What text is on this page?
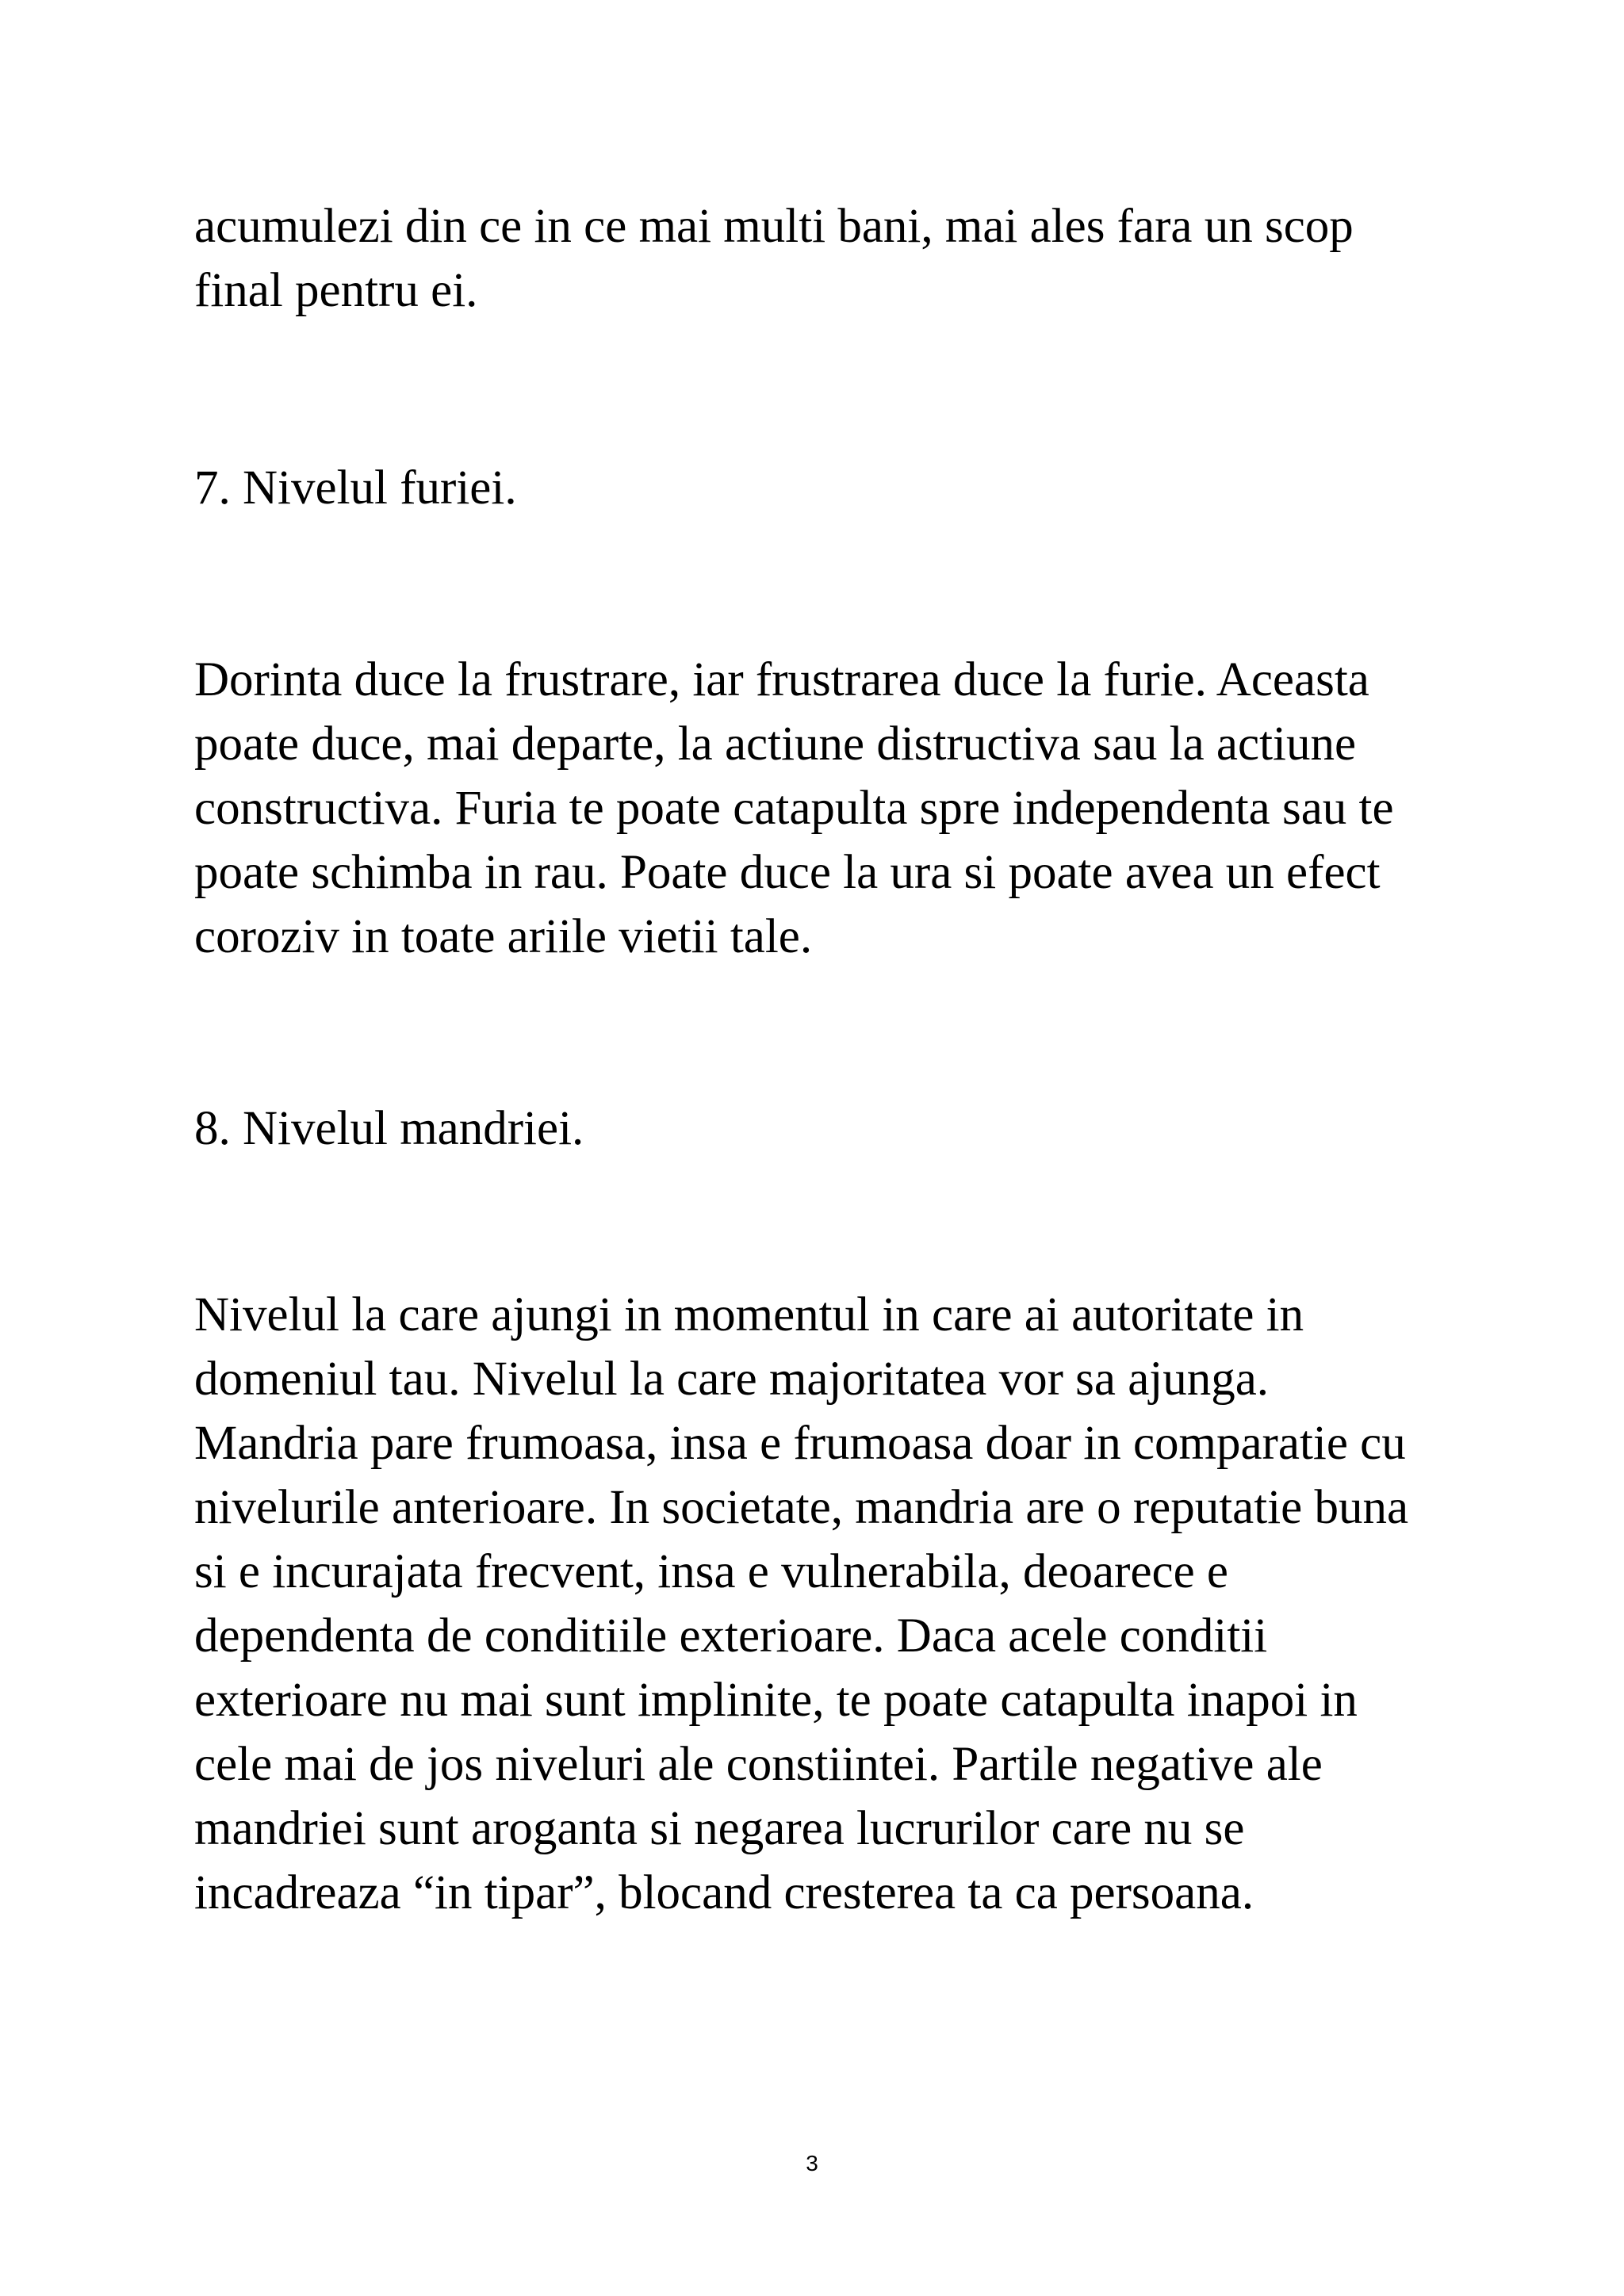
acumulezi din ce in ce mai multi bani, mai ales fara un scop
final pentru ei.
7. Nivelul furiei.
Dorinta duce la frustrare, iar frustrarea duce la furie. Aceasta
poate duce, mai departe, la actiune distructiva sau la actiune
constructiva. Furia te poate catapulta spre independenta sau te
poate schimba in rau. Poate duce la ura si poate avea un efect
coroziv in toate ariile vietii tale.
8. Nivelul mandriei.
Nivelul la care ajungi in momentul in care ai autoritate in
domeniul tau. Nivelul la care majoritatea vor sa ajunga.
Mandria pare frumoasa, insa e frumoasa doar in comparatie cu
nivelurile anterioare. In societate, mandria are o reputatie buna
si e incurajata frecvent, insa e vulnerabila, deoarece e
dependenta de conditiile exterioare. Daca acele conditii
exterioare nu mai sunt implinite, te poate catapulta inapoi in
cele mai de jos niveluri ale constiintei. Partile negative ale
mandriei sunt aroganta si negarea lucrurilor care nu se
incadreaza “in tipar”, blocand cresterea ta ca persoana.
3
